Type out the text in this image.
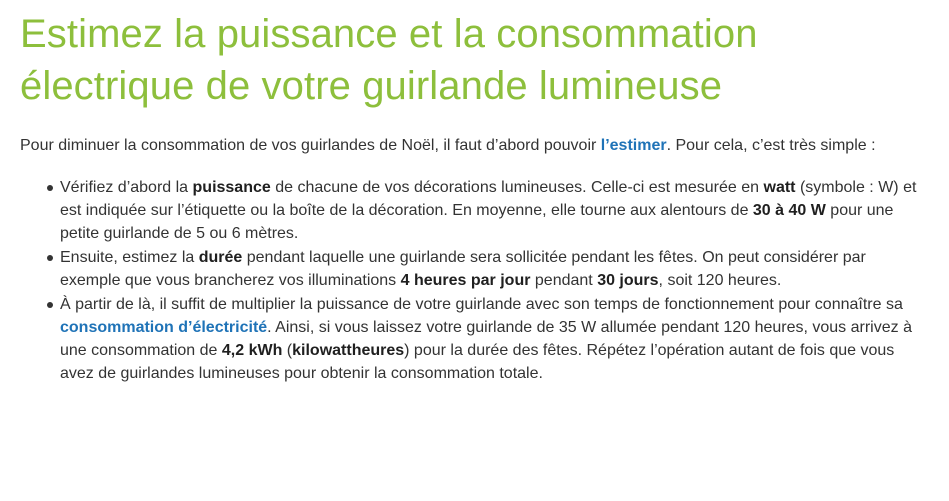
Estimez la puissance et la consommation électrique de votre guirlande lumineuse

Pour diminuer la consommation de vos guirlandes de Noël, il faut d’abord pouvoir l’estimer. Pour cela, c’est très simple :

Vérifiez d’abord la puissance de chacune de vos décorations lumineuses. Celle-ci est mesurée en watt (symbole : W) et est indiquée sur l’étiquette ou la boîte de la décoration. En moyenne, elle tourne aux alentours de 30 à 40 W pour une petite guirlande de 5 ou 6 mètres.
Ensuite, estimez la durée pendant laquelle une guirlande sera sollicitée pendant les fêtes. On peut considérer par exemple que vous brancherez vos illuminations 4 heures par jour pendant 30 jours, soit 120 heures.
À partir de là, il suffit de multiplier la puissance de votre guirlande avec son temps de fonctionnement pour connaître sa consommation d’électricité. Ainsi, si vous laissez votre guirlande de 35 W allumée pendant 120 heures, vous arrivez à une consommation de 4,2 kWh (kilowattheures) pour la durée des fêtes. Répétez l’opération autant de fois que vous avez de guirlandes lumineuses pour obtenir la consommation totale.
